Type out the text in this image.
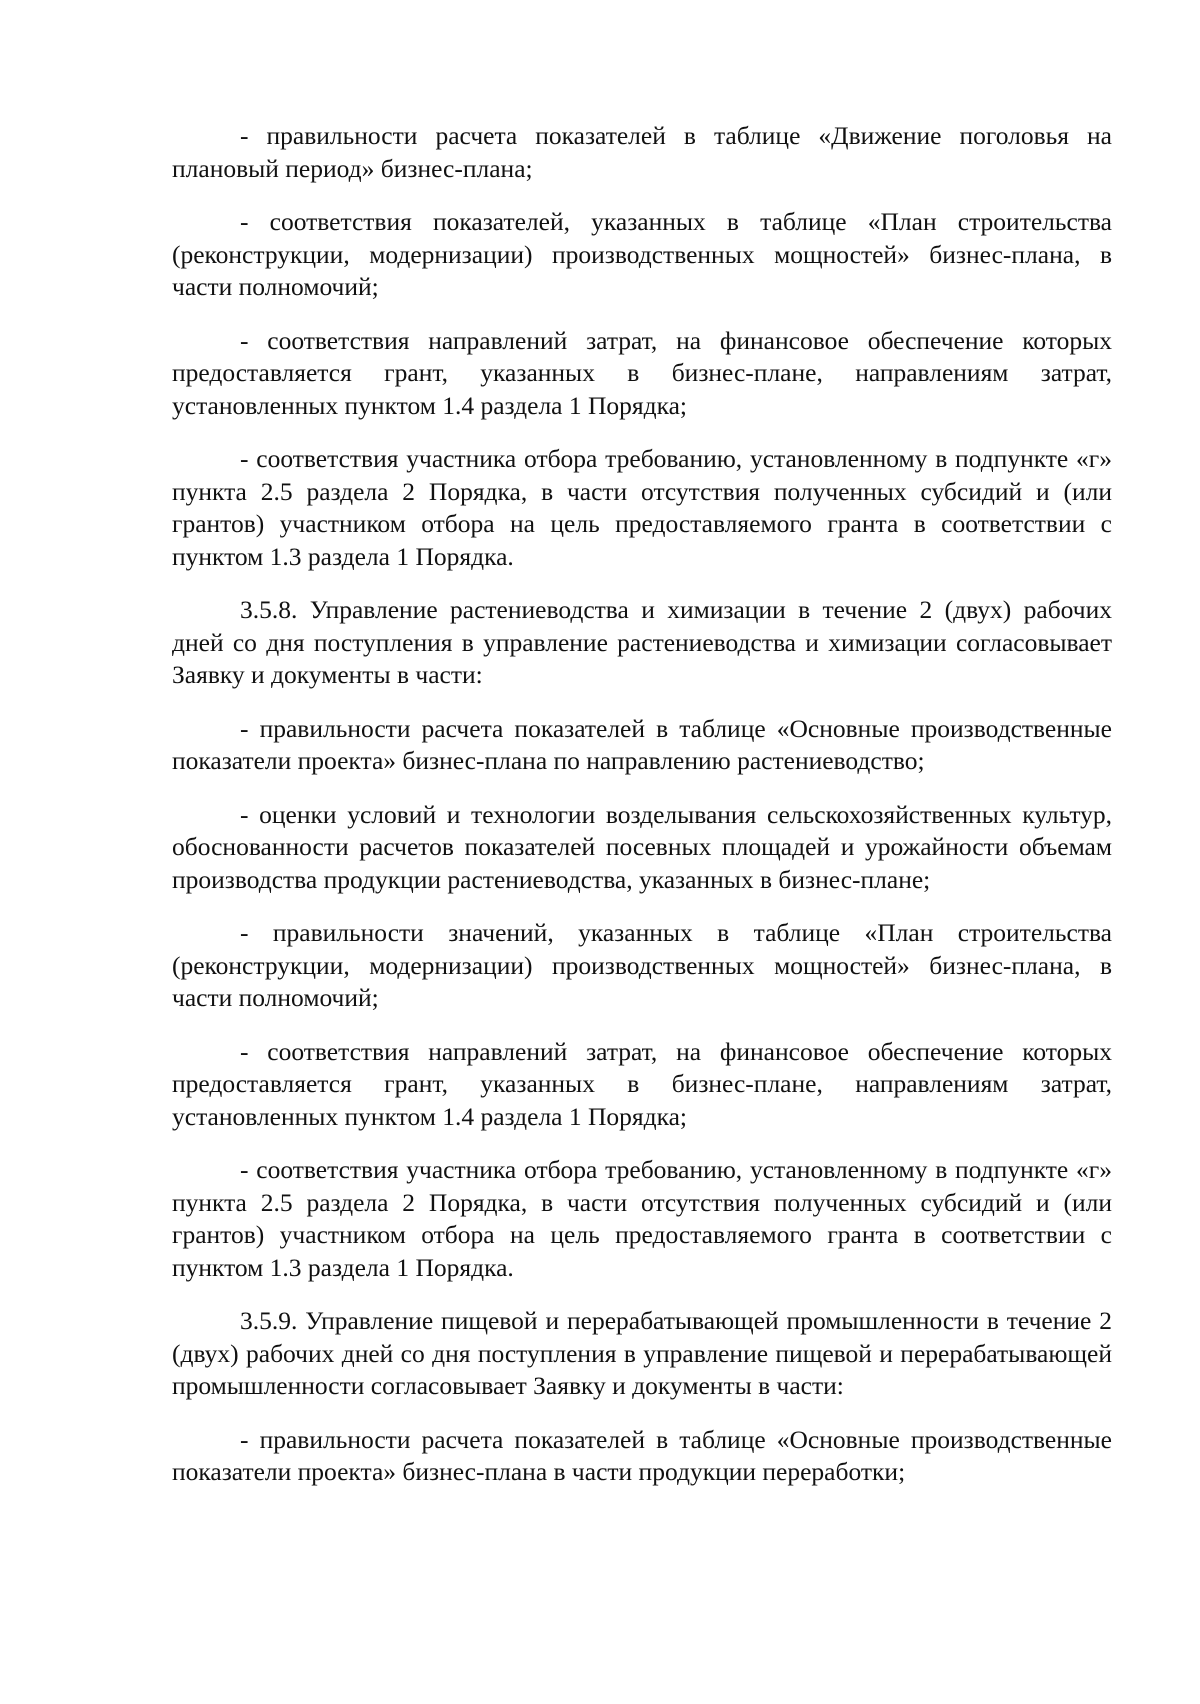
- правильности расчета показателей в таблице «Движение поголовья на плановый период» бизнес-плана;

- соответствия показателей, указанных в таблице «План строительства (реконструкции, модернизации) производственных мощностей» бизнес-плана, в части полномочий;

- соответствия направлений затрат, на финансовое обеспечение которых предоставляется грант, указанных в бизнес-плане, направлениям затрат, установленных пунктом 1.4 раздела 1 Порядка;

- соответствия участника отбора требованию, установленному в подпункте «г» пункта 2.5 раздела 2 Порядка, в части отсутствия полученных субсидий и (или грантов) участником отбора на цель предоставляемого гранта в соответствии с пунктом 1.3 раздела 1 Порядка.

3.5.8. Управление растениеводства и химизации в течение 2 (двух) рабочих дней со дня поступления в управление растениеводства и химизации согласовывает Заявку и документы в части:

- правильности расчета показателей в таблице «Основные производственные показатели проекта» бизнес-плана по направлению растениеводство;

- оценки условий и технологии возделывания сельскохозяйственных культур, обоснованности расчетов показателей посевных площадей и урожайности объемам производства продукции растениеводства, указанных в бизнес-плане;

- правильности значений, указанных в таблице «План строительства (реконструкции, модернизации) производственных мощностей» бизнес-плана, в части полномочий;

- соответствия направлений затрат, на финансовое обеспечение которых предоставляется грант, указанных в бизнес-плане, направлениям затрат, установленных пунктом 1.4 раздела 1 Порядка;

- соответствия участника отбора требованию, установленному в подпункте «г» пункта 2.5 раздела 2 Порядка, в части отсутствия полученных субсидий и (или грантов) участником отбора на цель предоставляемого гранта в соответствии с пунктом 1.3 раздела 1 Порядка.

3.5.9. Управление пищевой и перерабатывающей промышленности в течение 2 (двух) рабочих дней со дня поступления в управление пищевой и перерабатывающей промышленности согласовывает Заявку и документы в части:

- правильности расчета показателей в таблице «Основные производственные показатели проекта» бизнес-плана в части продукции переработки;
